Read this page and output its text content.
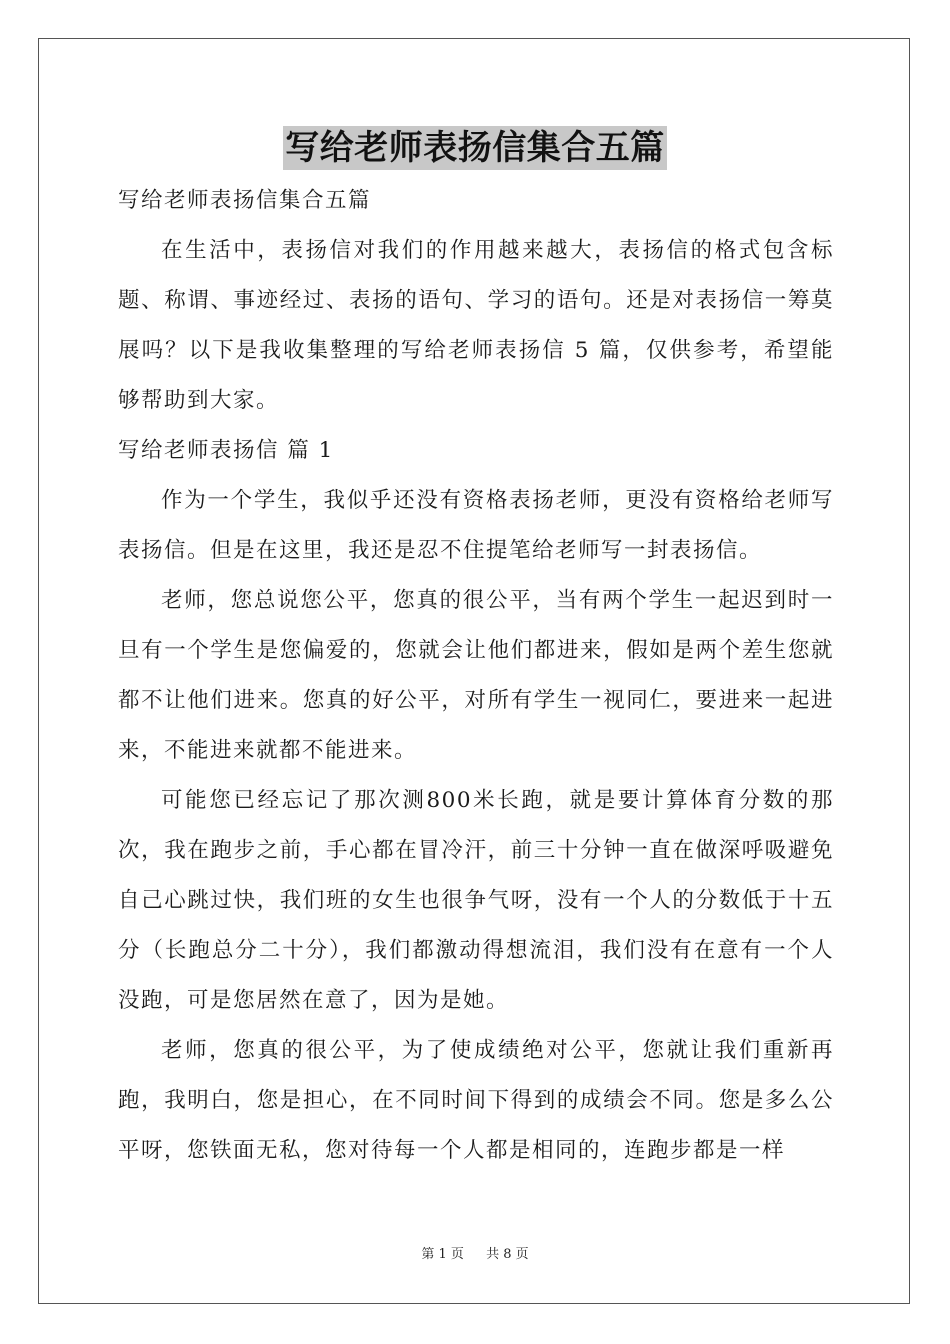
写给老师表扬信集合五篇

写给老师表扬信集合五篇

在生活中，表扬信对我们的作用越来越大，表扬信的格式包含标题、称谓、事迹经过、表扬的语句、学习的语句。还是对表扬信一筹莫展吗？以下是我收集整理的写给老师表扬信 5 篇，仅供参考，希望能够帮助到大家。

写给老师表扬信 篇 1

作为一个学生，我似乎还没有资格表扬老师，更没有资格给老师写表扬信。但是在这里，我还是忍不住提笔给老师写一封表扬信。

老师，您总说您公平，您真的很公平，当有两个学生一起迟到时一旦有一个学生是您偏爱的，您就会让他们都进来，假如是两个差生您就都不让他们进来。您真的好公平，对所有学生一视同仁，要进来一起进来，不能进来就都不能进来。

可能您已经忘记了那次测800米长跑，就是要计算体育分数的那次，我在跑步之前，手心都在冒冷汗，前三十分钟一直在做深呼吸避免自己心跳过快，我们班的女生也很争气呀，没有一个人的分数低于十五分（长跑总分二十分），我们都激动得想流泪，我们没有在意有一个人没跑，可是您居然在意了，因为是她。

老师，您真的很公平，为了使成绩绝对公平，您就让我们重新再跑，我明白，您是担心，在不同时间下得到的成绩会不同。您是多么公平呀，您铁面无私，您对待每一个人都是相同的，连跑步都是一样

第 1 页 共 8 页
